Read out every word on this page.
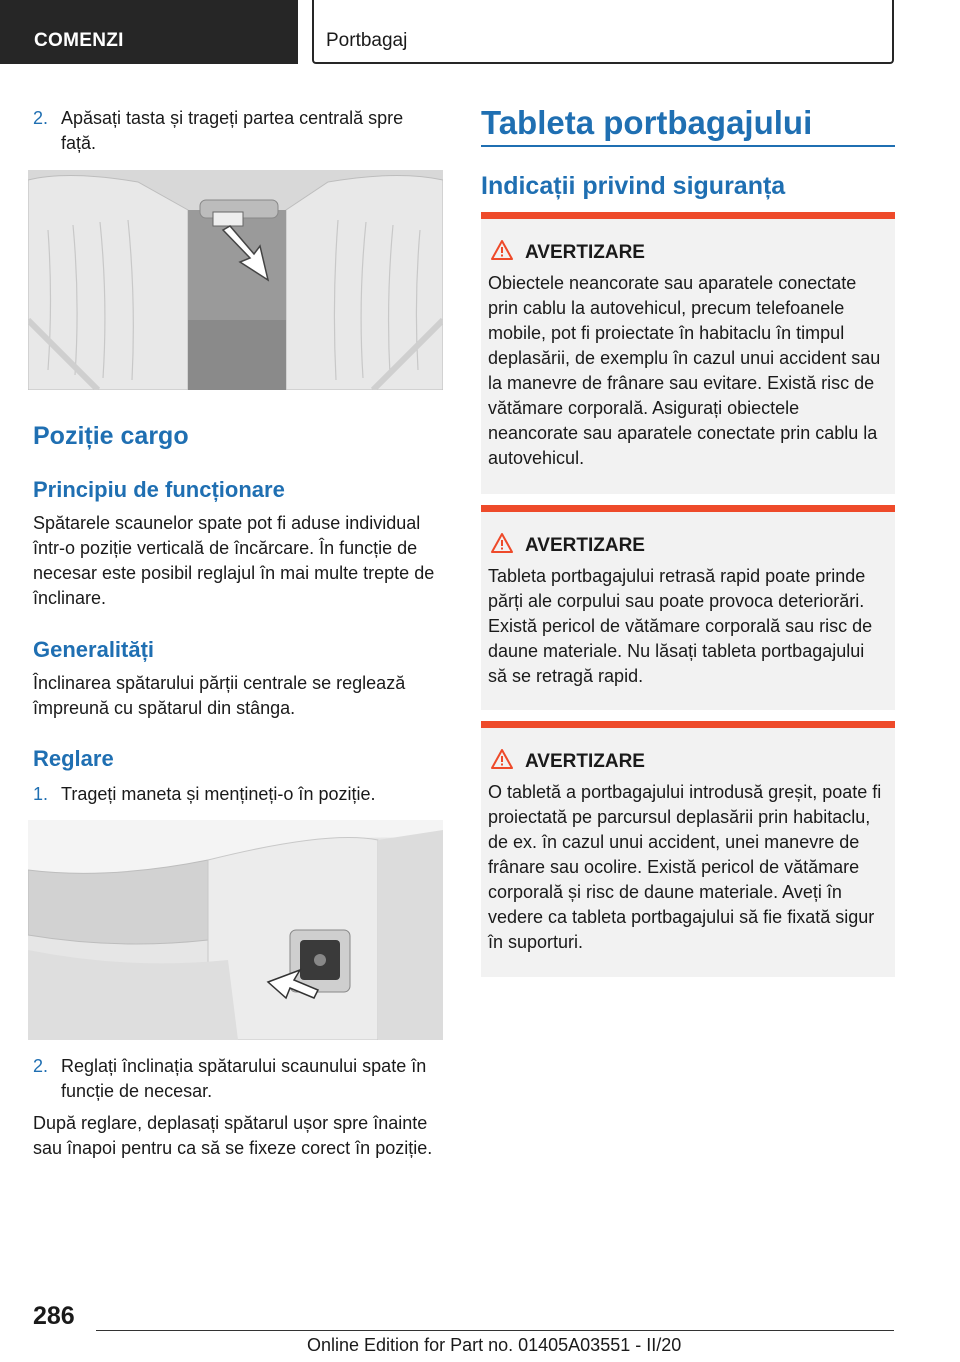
COMENZI	Portbagaj
2. Apăsați tasta și trageți partea centrală spre față.
Poziție cargo
Principiu de funcționare
Spătarele scaunelor spate pot fi aduse individual într-o poziție verticală de încărcare. În funcție de necesar este posibil reglajul în mai multe trepte de înclinare.
Generalități
Înclinarea spătarului părții centrale se reglează împreună cu spătarul din stânga.
Reglare
1. Trageți maneta și mențineți-o în poziție.
2. Reglați înclinația spătarului scaunului spate în funcție de necesar.
După reglare, deplasați spătarul ușor spre înainte sau înapoi pentru ca să se fixeze corect în poziție.
Tableta portbagajului
Indicații privind siguranța
AVERTIZARE
Obiectele neancorate sau aparatele conectate prin cablu la autovehicul, precum telefoanele mobile, pot fi proiectate în habitaclu în timpul deplasării, de exemplu în cazul unui accident sau la manevre de frânare sau evitare. Există risc de vătămare corporală. Asigurați obiectele neancorate sau aparatele conectate prin cablu la autovehicul.
AVERTIZARE
Tableta portbagajului retrasă rapid poate prinde părți ale corpului sau poate provoca deteriorări. Există pericol de vătămare corporală sau risc de daune materiale. Nu lăsați tableta portbagajului să se retragă rapid.
AVERTIZARE
O tabletă a portbagajului introdusă greșit, poate fi proiectată pe parcursul deplasării prin habitaclu, de ex. în cazul unui accident, unei manevre de frânare sau ocolire. Există pericol de vătămare corporală și risc de daune materiale. Aveți în vedere ca tableta portbagajului să fie fixată sigur în suporturi.
286
Online Edition for Part no. 01405A03551 - II/20
